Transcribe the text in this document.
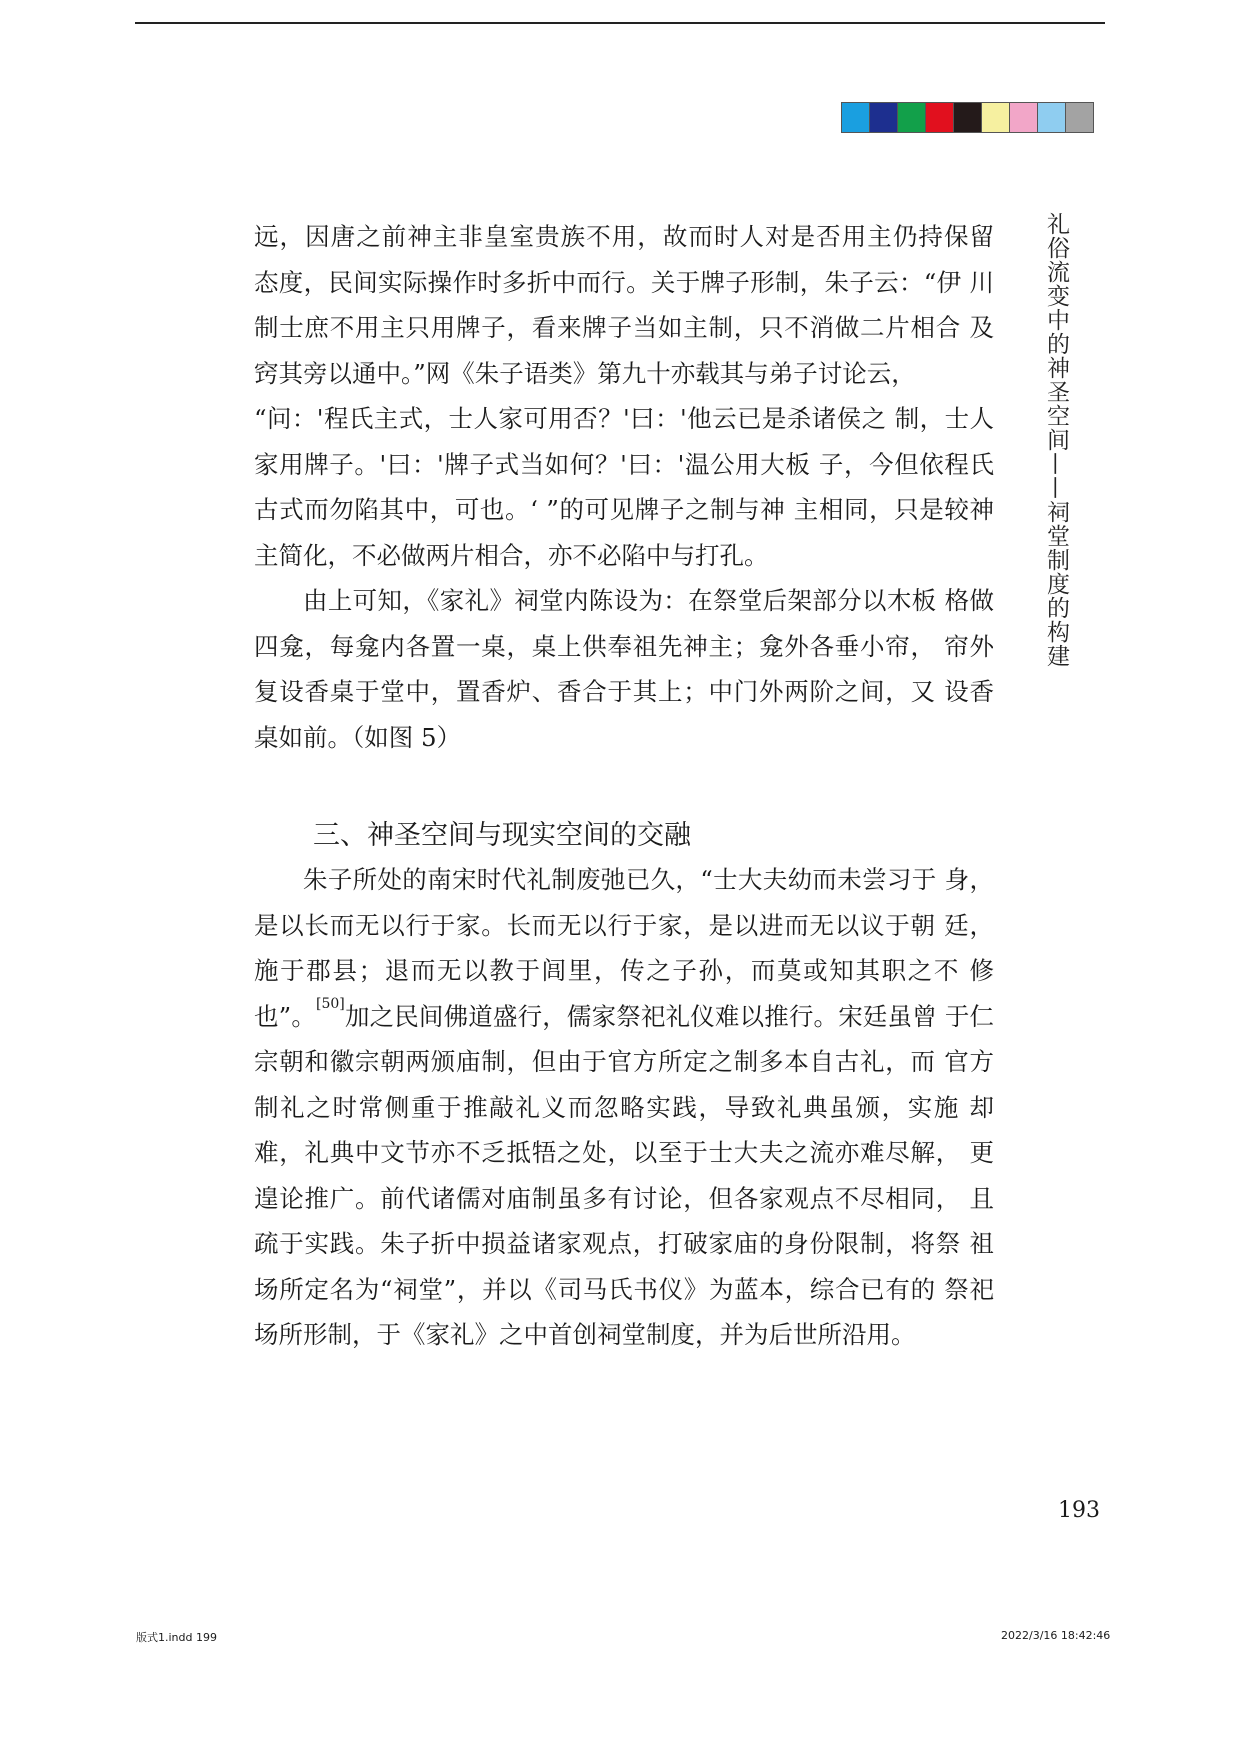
礼俗流变中的神圣空间——祠堂制度的构建

远，因唐之前神主非皇室贵族不用，故而时人对是否用主仍持保留 态度，民间实际操作时多折中而行。关于牌子形制，朱子云：“伊 川制士庶不用主只用牌子，看来牌子当如主制，只不消做二片相合 及窍其旁以通中。”网《朱子语类》第九十亦载其与弟子讨论云，

“问：'程氏主式，士人家可用否？'曰：'他云已是杀诸侯之 制，士人家用牌子。'曰：'牌子式当如何？'曰：'温公用大板 子，今但依程氏古式而勿陷其中，可也。‘ ”的可见牌子之制与神 主相同，只是较神主简化，不必做两片相合，亦不必陷中与打孔。

由上可知，《家礼》祠堂内陈设为：在祭堂后架部分以木板 格做四龛，每龛内各置一桌，桌上供奉祖先神主；龛外各垂小帘， 帘外复设香桌于堂中，置香炉、香合于其上；中门外两阶之间，又 设香桌如前。（如图 5）

三、神圣空间与现实空间的交融

朱子所处的南宋时代礼制废弛已久，“士大夫幼而未尝习于 身，是以长而无以行于家。长而无以行于家，是以进而无以议于朝 廷，施于郡县；退而无以教于闾里，传之子孙，而莫或知其职之不 修也”。[50]加之民间佛道盛行，儒家祭祀礼仪难以推行。宋廷虽曾 于仁宗朝和徽宗朝两颁庙制，但由于官方所定之制多本自古礼，而 官方制礼之时常侧重于推敲礼义而忽略实践，导致礼典虽颁，实施 却难，礼典中文节亦不乏抵牾之处，以至于士大夫之流亦难尽解， 更遑论推广。前代诸儒对庙制虽多有讨论，但各家观点不尽相同， 且疏于实践。朱子折中损益诸家观点，打破家庙的身份限制，将祭 祖场所定名为“祠堂”，并以《司马氏书仪》为蓝本，综合已有的 祭祀场所形制，于《家礼》之中首创祠堂制度，并为后世所沿用。

193
版式1.indd 199	2022/3/16 18:42:46
